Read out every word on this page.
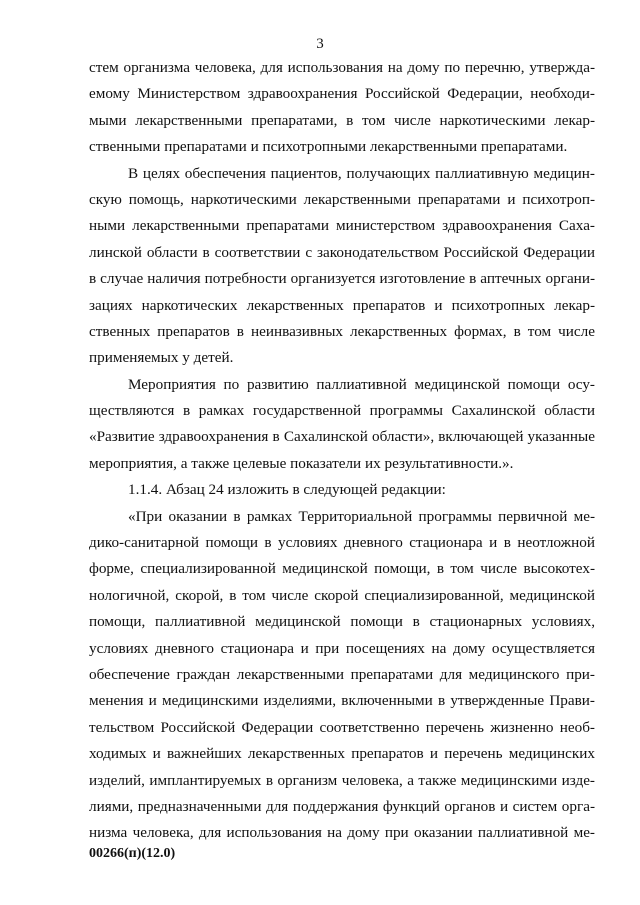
3
стем организма человека, для использования на дому по перечню, утвержда-
емому Министерством здравоохранения Российской Федерации, необходи-
мыми лекарственными препаратами, в том числе наркотическими лекар-
ственными препаратами и психотропными лекарственными препаратами.
В целях обеспечения пациентов, получающих паллиативную медицин-
скую помощь, наркотическими лекарственными препаратами и психотроп-
ными лекарственными препаратами министерством здравоохранения Саха-
линской области в соответствии с законодательством Российской Федерации
в случае наличия потребности организуется изготовление в аптечных органи-
зациях наркотических лекарственных препаратов и психотропных лекар-
ственных препаратов в неинвазивных лекарственных формах, в том числе
применяемых у детей.
Мероприятия по развитию паллиативной медицинской помощи осу-
ществляются в рамках государственной программы Сахалинской области
«Развитие здравоохранения в Сахалинской области», включающей указанные
мероприятия, а также целевые показатели их результативности.».
1.1.4. Абзац 24 изложить в следующей редакции:
«При оказании в рамках Территориальной программы первичной ме-
дико-санитарной помощи в условиях дневного стационара и в неотложной
форме, специализированной медицинской помощи, в том числе высокотех-
нологичной, скорой, в том числе скорой специализированной, медицинской
помощи, паллиативной медицинской помощи в стационарных условиях,
условиях дневного стационара и при посещениях на дому осуществляется
обеспечение граждан лекарственными препаратами для медицинского при-
менения и медицинскими изделиями, включенными в утвержденные Прави-
тельством Российской Федерации соответственно перечень жизненно необ-
ходимых и важнейших лекарственных препаратов и перечень медицинских
изделий, имплантируемых в организм человека, а также медицинскими изде-
лиями, предназначенными для поддержания функций органов и систем орга-
низма человека, для использования на дому при оказании паллиативной ме-
00266(п)(12.0)
